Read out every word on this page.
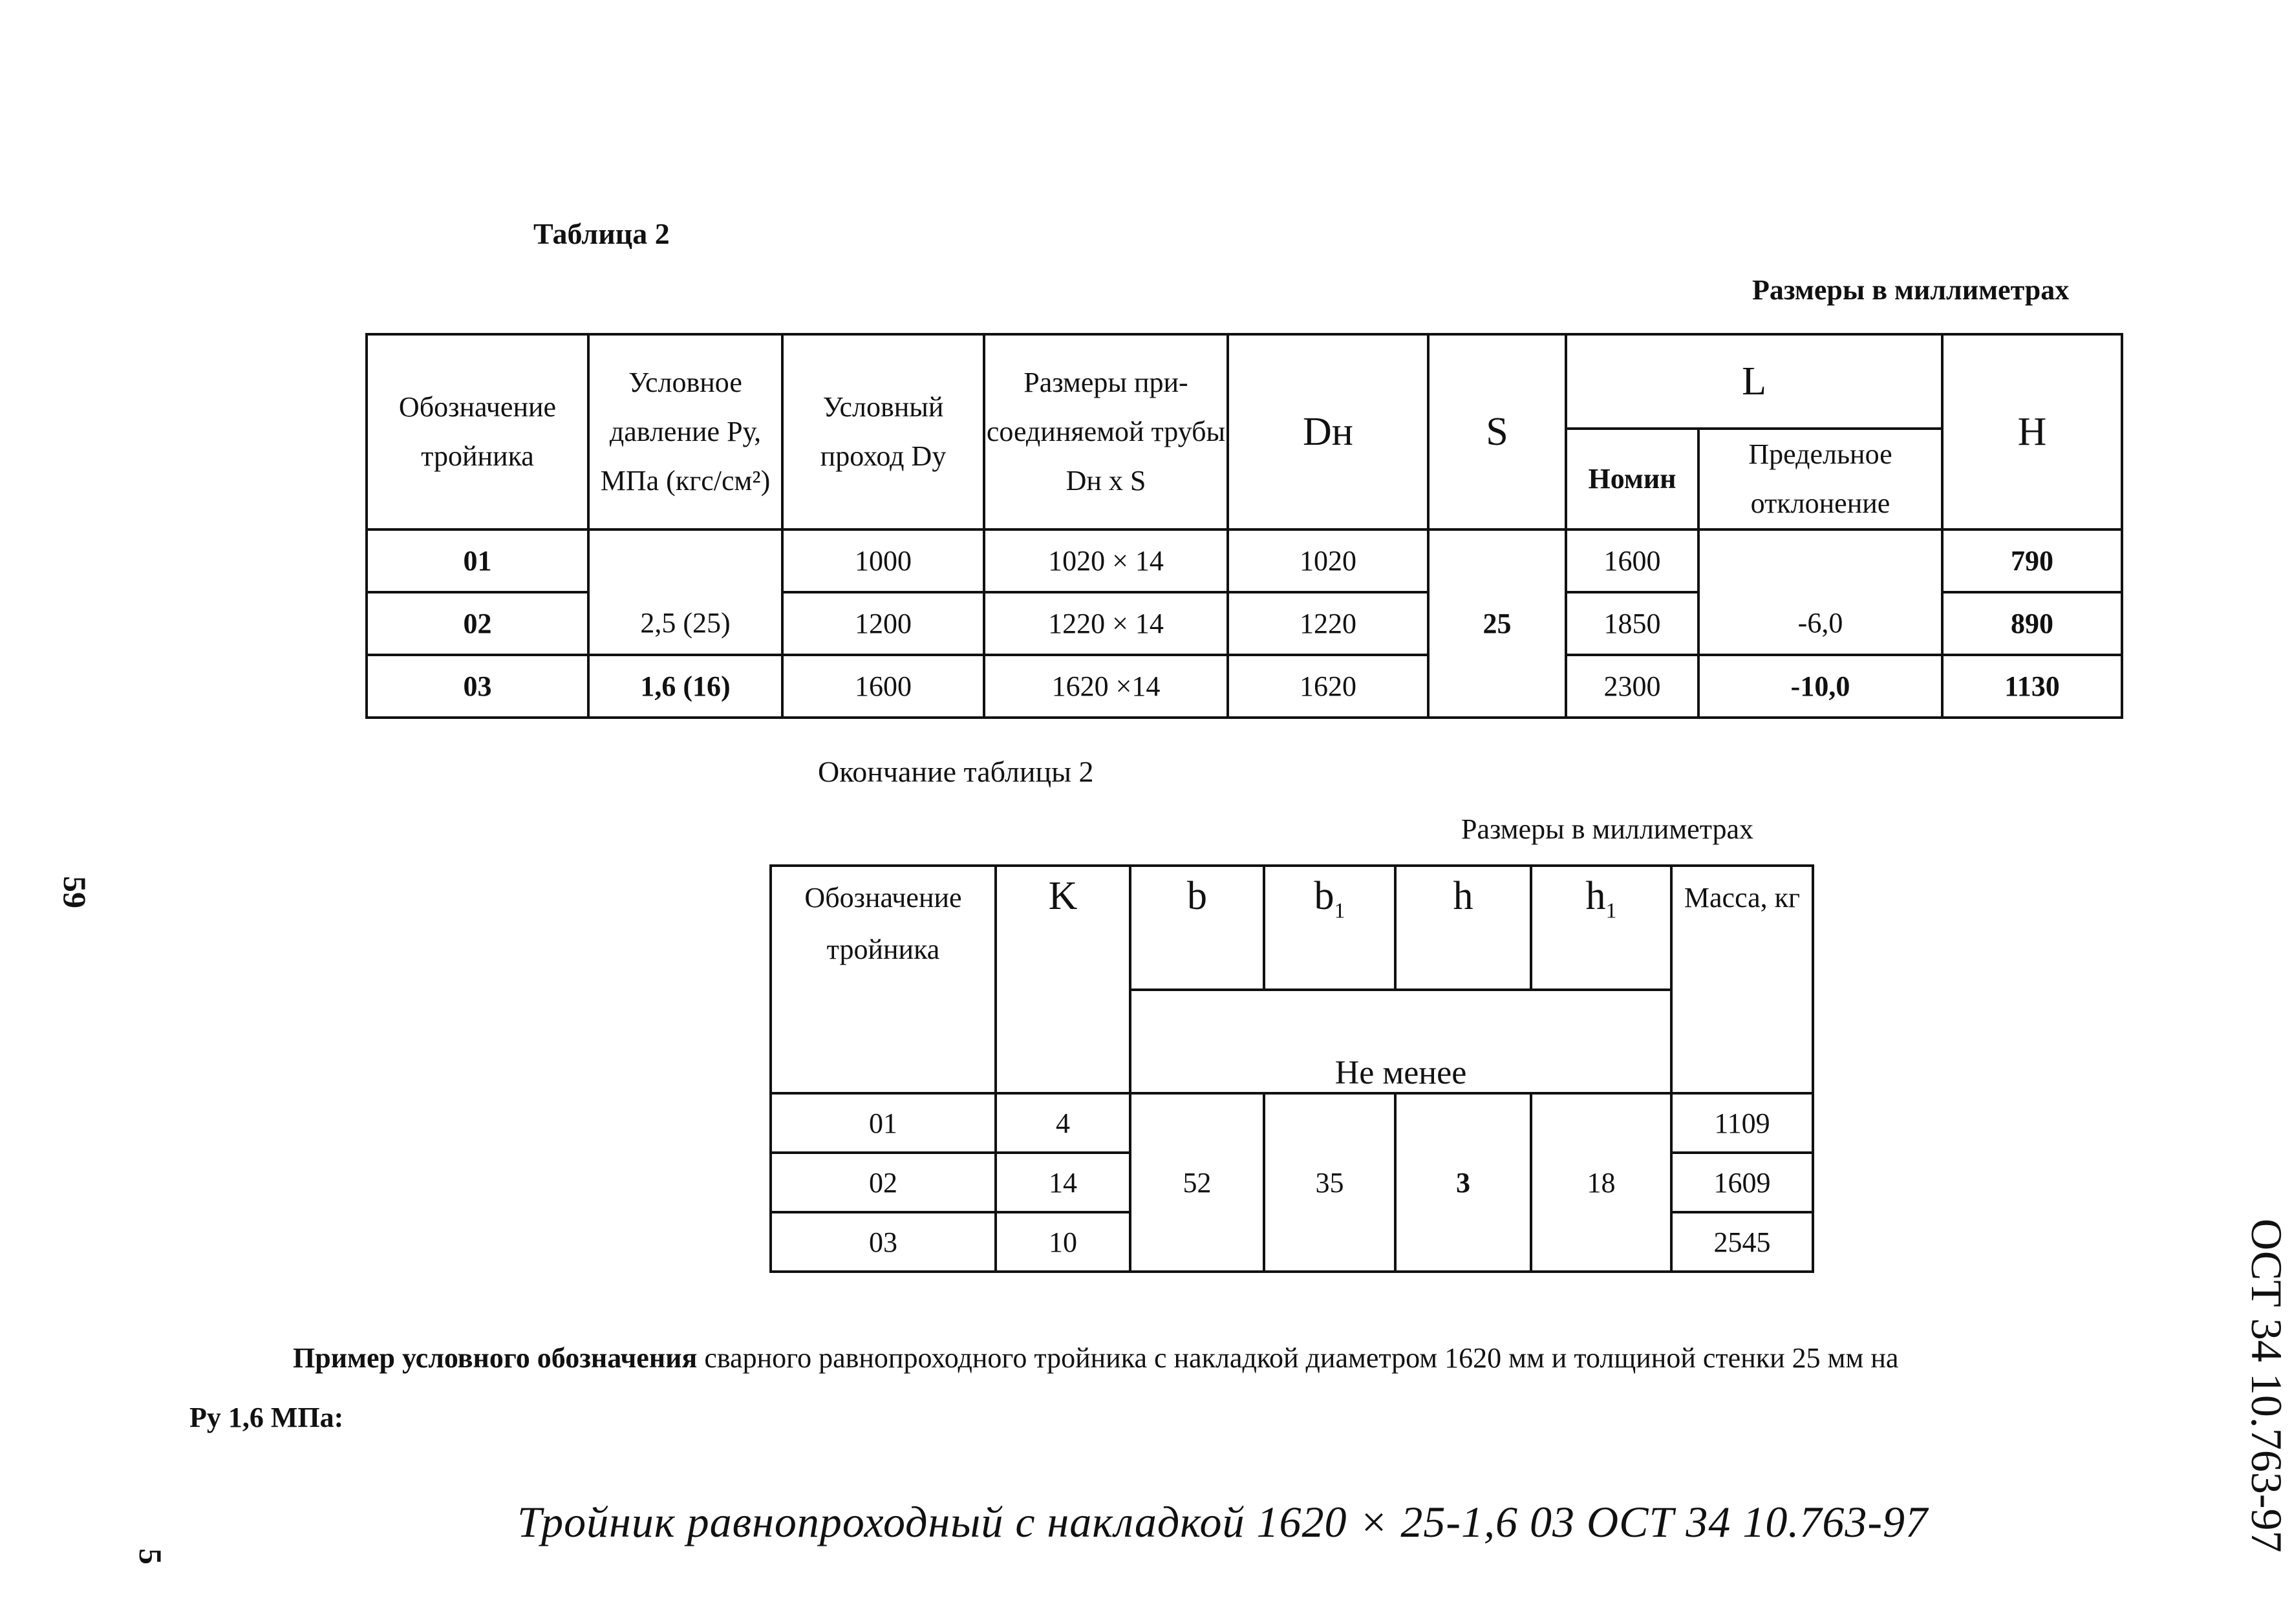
Таблица 2
Размеры в миллиметрах
Обозначение тройника	Условное давление Ру, МПа (кгс/см²)	Условный проход Dу	Размеры при-соединяемой трубы Dн x S	Dн	S	L		H
						Номин	Предельное отклонение	
01		1000	1020 × 14	1020	25	1600		790
02	2,5 (25)	1200	1220 × 14	1220		1850	-6,0	890
03	1,6 (16)	1600	1620 ×14	1620		2300	-10,0	1130
Окончание таблицы 2
Размеры в миллиметрах
Обозначение тройника	K	b	$b_1$	h	$h_1$	Масса, кг
		Не менее				
01	4	52	35	3	18	1109
02	14					1609
03	10					2545
Пример условного обозначения сварного равнопроходного тройника с накладкой диаметром 1620 мм и толщиной стенки 25 мм на
Ру 1,6 МПа:
Тройник равнопроходный с накладкой 1620 × 25-1,6 03 ОСТ 34 10.763-97
59
5
ОСТ 34 10.763-97
